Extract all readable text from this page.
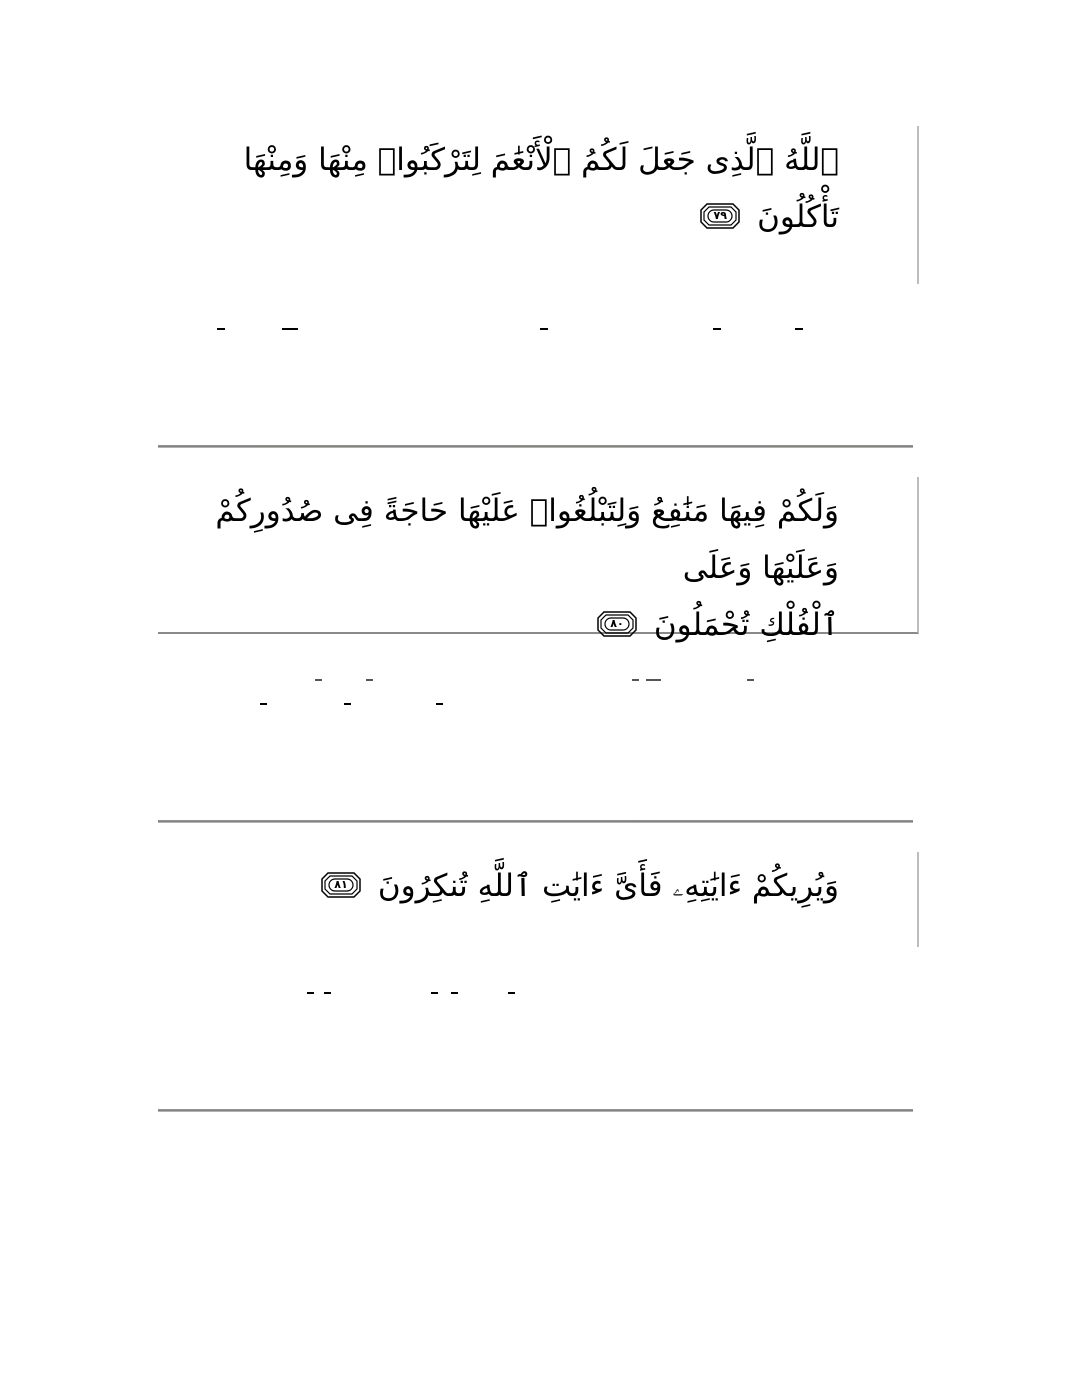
ٱللَّهُ ٱلَّذِى جَعَلَ لَكُمُ ٱلْأَنْعَٰمَ لِتَرْكَبُوا۟ مِنْهَا وَمِنْهَا
تَأْكُلُونَ
٧٩
وَلَكُمْ فِيهَا مَنَٰفِعُ وَلِتَبْلُغُوا۟ عَلَيْهَا حَاجَةً فِى صُدُورِكُمْ وَعَلَيْهَا وَعَلَى
ٱلْفُلْكِ تُحْمَلُونَ
٨٠
وَيُرِيكُمْ ءَايَٰتِهِۦ فَأَىَّ ءَايَٰتِ ٱللَّهِ تُنكِرُونَ
٨١
